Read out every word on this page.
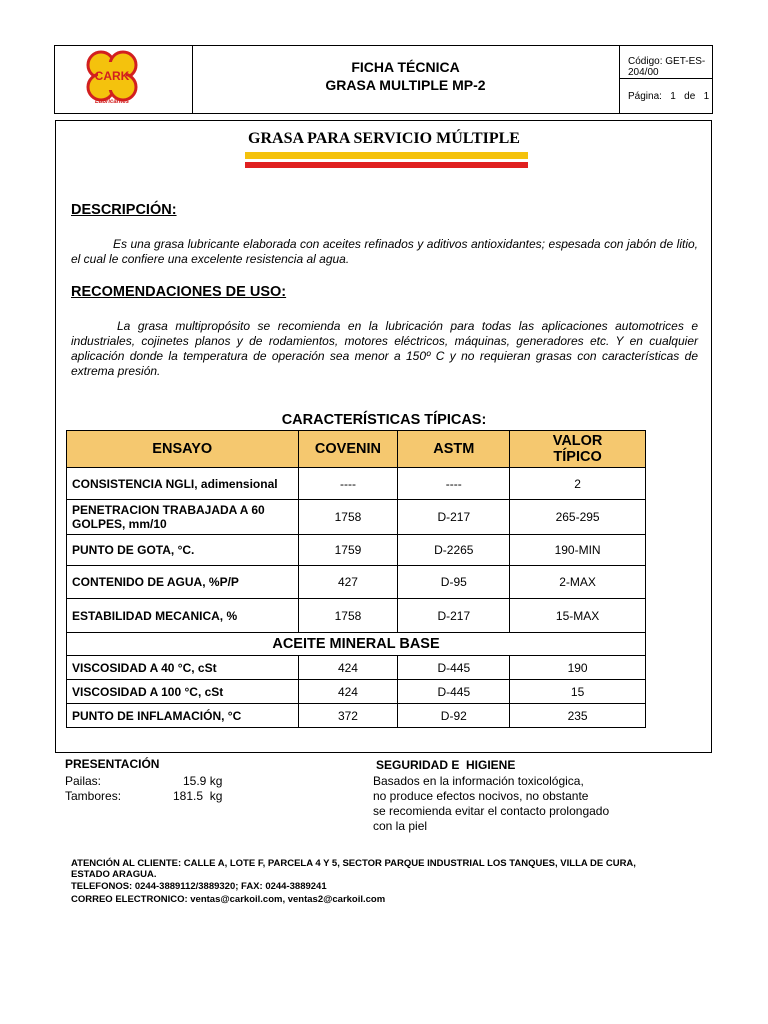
CARK
Lubricantes
FICHA TÉCNICA
GRASA MULTIPLE MP-2
Código: GET-ES-204/00
Página: 1 de 1
GRASA PARA SERVICIO MÚLTIPLE
DESCRIPCIÓN:
Es una grasa lubricante elaborada con aceites refinados y aditivos antioxidantes; espesada con jabón de litio, el cual le confiere una excelente resistencia al agua.
RECOMENDACIONES DE USO:
La grasa multipropósito se recomienda en la lubricación para todas las aplicaciones automotrices e industriales, cojinetes planos y de rodamientos, motores eléctricos, máquinas, generadores etc. Y en cualquier aplicación donde la temperatura de operación sea menor a 150º C y no requieran grasas con características de extrema presión.
CARACTERÍSTICAS TÍPICAS:
ENSAYO	COVENIN	ASTM	VALOR TÍPICO
CONSISTENCIA NGLI, adimensional	----	----	2
PENETRACION TRABAJADA A 60 GOLPES, mm/10	1758	D-217	265-295
PUNTO DE GOTA, °C.	1759	D-2265	190-MIN
CONTENIDO DE AGUA, %P/P	427	D-95	2-MAX
ESTABILIDAD MECANICA, %	1758	D-217	15-MAX
ACEITE MINERAL BASE			
VISCOSIDAD A 40 °C, cSt	424	D-445	190
VISCOSIDAD A 100 °C, cSt	424	D-445	15
PUNTO DE INFLAMACIÓN, °C	372	D-92	235
PRESENTACIÓN
Pailas:	15.9 kg
Tambores:	181.5  kg
SEGURIDAD E  HIGIENE
Basados en la información toxicológica,
no produce efectos nocivos, no obstante
se recomienda evitar el contacto prolongado
con la piel
ATENCIÓN AL CLIENTE: CALLE A, LOTE F, PARCELA 4 Y 5, SECTOR PARQUE INDUSTRIAL LOS TANQUES, VILLA DE CURA,
ESTADO ARAGUA.
TELEFONOS: 0244-3889112/3889320; FAX: 0244-3889241
CORREO ELECTRONICO: ventas@carkoil.com, ventas2@carkoil.com
